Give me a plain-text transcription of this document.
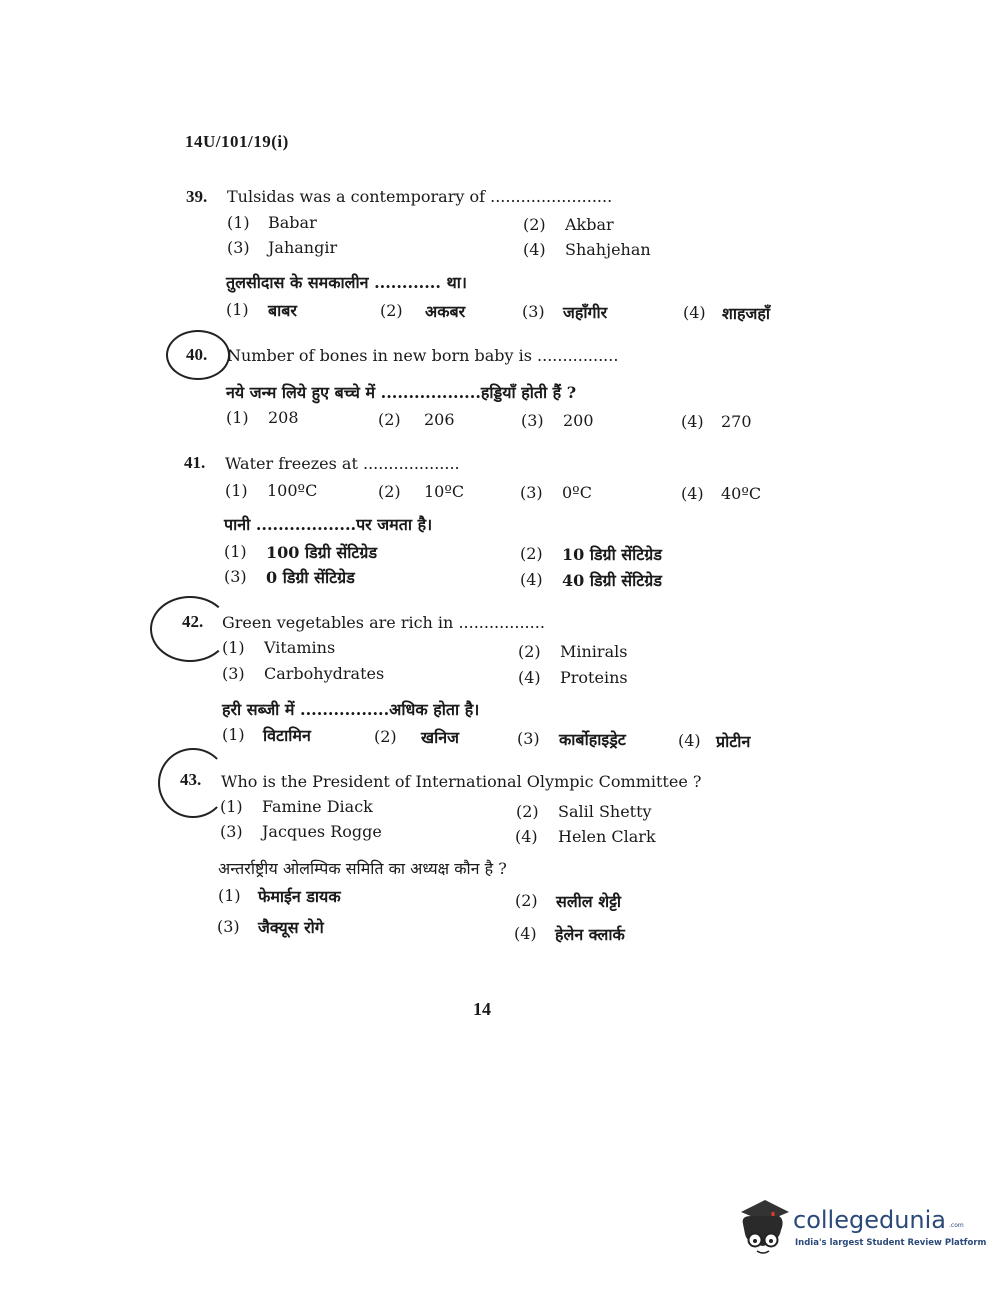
14U/101/19(i)
39. Tulsidas was a contemporary of ........................
(1) Babar	(2) Akbar
(3) Jahangir	(4) Shahjehan
तुलसीदास के समकालीन ............ था।
(1) बाबर	(2) अकबर	(3) जहाँगीर	(4) शाहजहाँ
40. Number of bones in new born baby is ................
नये जन्म लिये हुए बच्चे में ..................हड्डियाँ होती हैं ?
(1) 208	(2) 206	(3) 200	(4) 270
41. Water freezes at ...................
(1) 100ºC	(2) 10ºC	(3) 0ºC	(4) 40ºC
पानी ..................पर जमता है।
(1) 100 डिग्री सेंटिग्रेड	(2) 10 डिग्री सेंटिग्रेड
(3) 0 डिग्री सेंटिग्रेड	(4) 40 डिग्री सेंटिग्रेड
42. Green vegetables are rich in .................
(1) Vitamins	(2) Minirals
(3) Carbohydrates	(4) Proteins
हरी सब्जी में ................अधिक होता है।
(1) विटामिन	(2) खनिज	(3) कार्बोहाइड्रेट	(4) प्रोटीन
43. Who is the President of International Olympic Committee ?
(1) Famine Diack	(2) Salil Shetty
(3) Jacques Rogge	(4) Helen Clark
अन्तर्राष्ट्रीय ओलम्पिक समिति का अध्यक्ष कौन है ?
(1) फेमाईन डायक	(2) सलील शेट्टी
(3) जैक्यूस रोगे	(4) हेलेन क्लार्क
14
collegedunia .com
India's largest Student Review Platform
